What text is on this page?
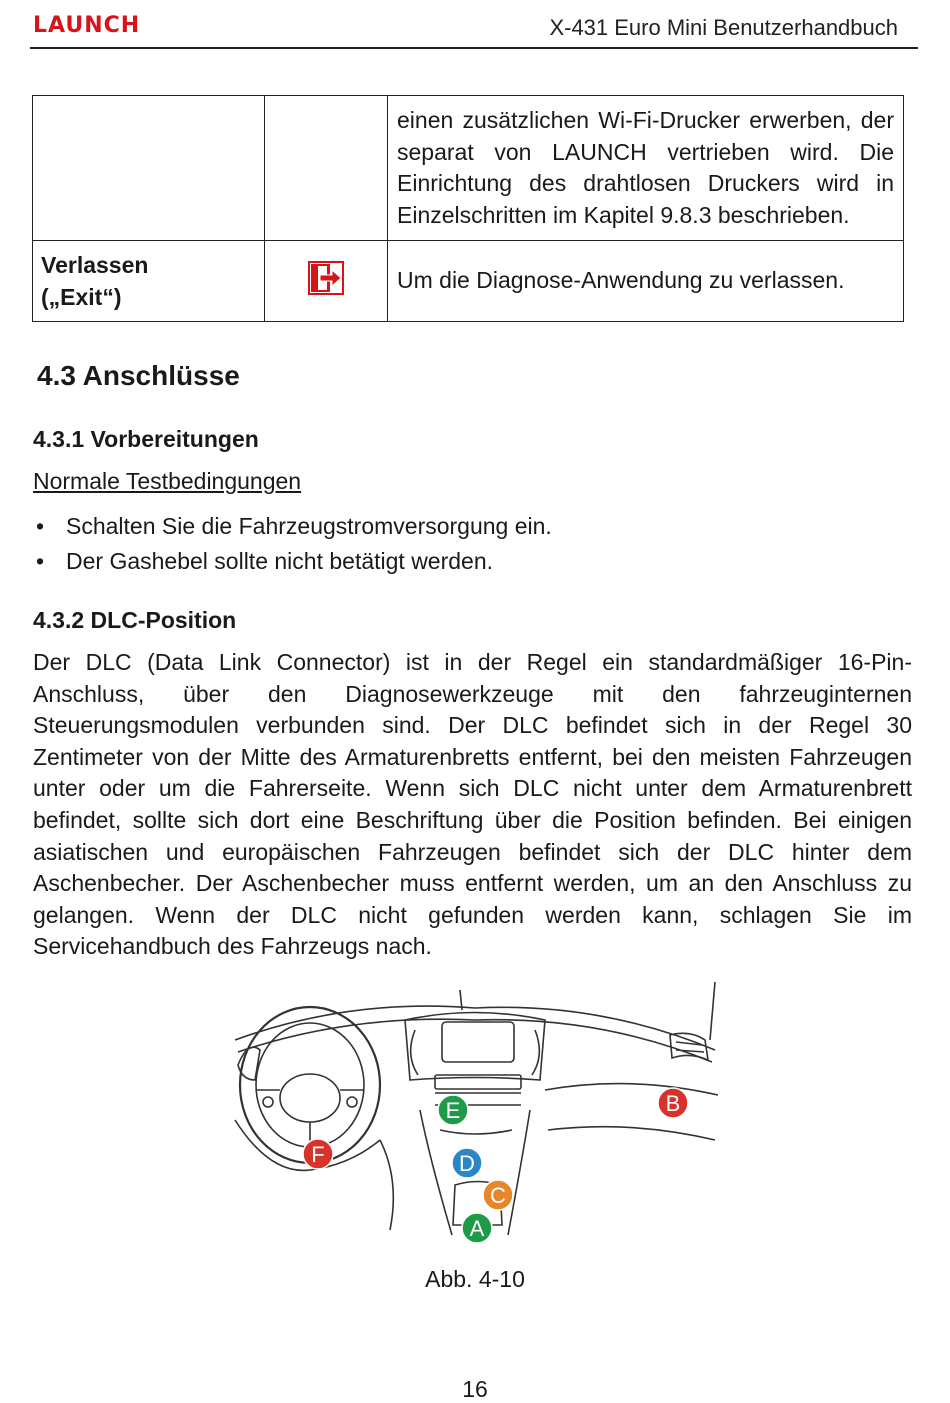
LAUNCH	X-431 Euro Mini Benutzerhandbuch
		einen zusätzlichen Wi-Fi-Drucker erwerben, der separat von LAUNCH vertrieben wird. Die Einrichtung des drahtlosen Druckers wird in Einzelschritten im Kapitel 9.8.3 beschrieben.

Verlassen
(„Exit“)		Um die Diagnose-Anwendung zu verlassen.
4.3 Anschlüsse
4.3.1 Vorbereitungen
Normale Testbedingungen
• Schalten Sie die Fahrzeugstromversorgung ein.
• Der Gashebel sollte nicht betätigt werden.
4.3.2 DLC-Position

Der DLC (Data Link Connector) ist in der Regel ein standardmäßiger 16-Pin-Anschluss, über den Diagnosewerkzeuge mit den fahrzeuginternen Steuerungsmodulen verbunden sind. Der DLC befindet sich in der Regel 30 Zentimeter von der Mitte des Armaturenbretts entfernt, bei den meisten Fahrzeugen unter oder um die Fahrerseite. Wenn sich DLC nicht unter dem Armaturenbrett befindet, sollte sich dort eine Beschriftung über die Position befinden. Bei einigen asiatischen und europäischen Fahrzeugen befindet sich der DLC hinter dem Aschenbecher. Der Aschenbecher muss entfernt werden, um an den Anschluss zu gelangen. Wenn der DLC nicht gefunden werden kann, schlagen Sie im Servicehandbuch des Fahrzeugs nach.

A
B
C
D
E
F
Abb. 4-10
16
